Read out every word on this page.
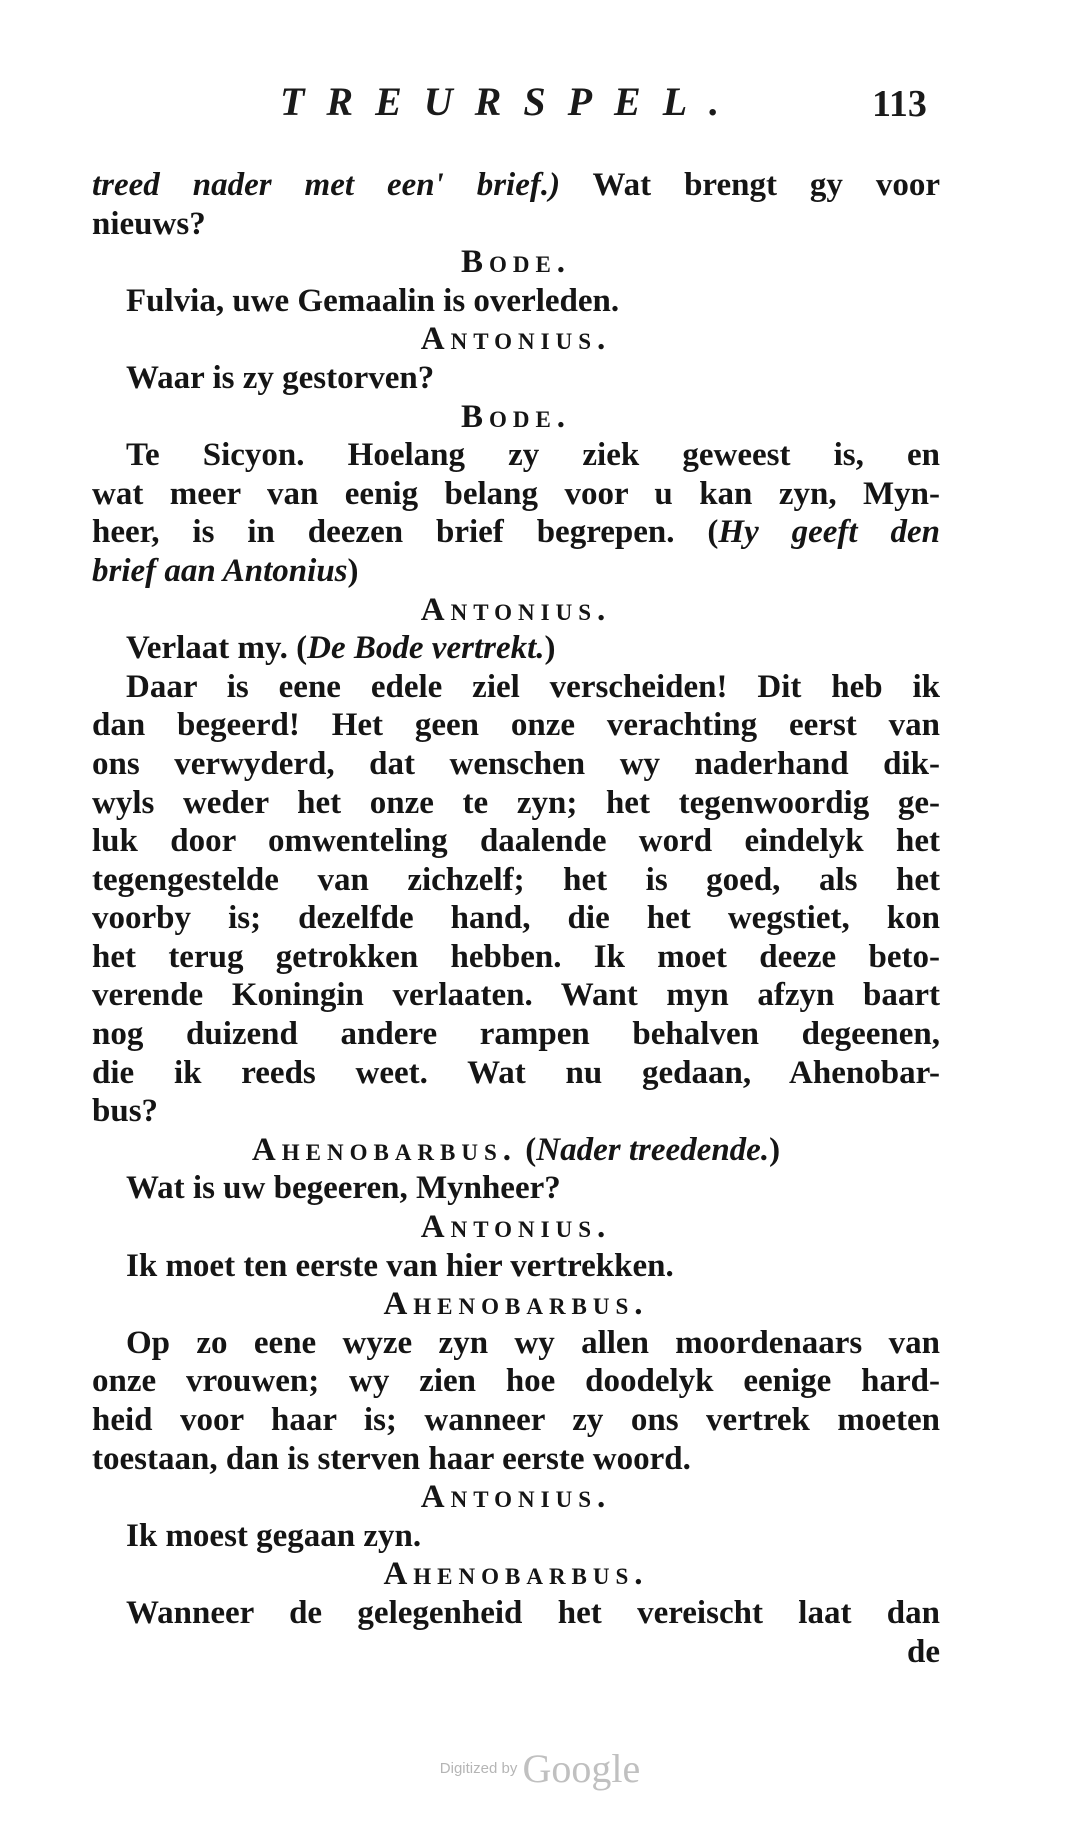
TREURSPEL.	113
treed nader met een' brief.) Wat brengt gy voor
nieuws?
Bode.
Fulvia, uwe Gemaalin is overleden.
Antonius.
Waar is zy gestorven?
Bode.
Te Sicyon. Hoelang zy ziek geweest is, en
wat meer van eenig belang voor u kan zyn, Myn-
heer, is in deezen brief begrepen. (Hy geeft den
brief aan Antonius)
Antonius.
Verlaat my. (De Bode vertrekt.)
Daar is eene edele ziel verscheiden! Dit heb ik
dan begeerd! Het geen onze verachting eerst van
ons verwyderd, dat wenschen wy naderhand dik-
wyls weder het onze te zyn; het tegenwoordig ge-
luk door omwenteling daalende word eindelyk het
tegengestelde van zichzelf; het is goed, als het
voorby is; dezelfde hand, die het wegstiet, kon
het terug getrokken hebben. Ik moet deeze beto-
verende Koningin verlaaten. Want myn afzyn baart
nog duizend andere rampen behalven degeenen,
die ik reeds weet. Wat nu gedaan, Ahenobar-
bus?
Ahenobarbus. (Nader treedende.)
Wat is uw begeeren, Mynheer?
Antonius.
Ik moet ten eerste van hier vertrekken.
Ahenobarbus.
Op zo eene wyze zyn wy allen moordenaars van
onze vrouwen; wy zien hoe doodelyk eenige hard-
heid voor haar is; wanneer zy ons vertrek moeten
toestaan, dan is sterven haar eerste woord.
Antonius.
Ik moest gegaan zyn.
Ahenobarbus.
Wanneer de gelegenheid het vereischt laat dan
de
Digitized by Google
